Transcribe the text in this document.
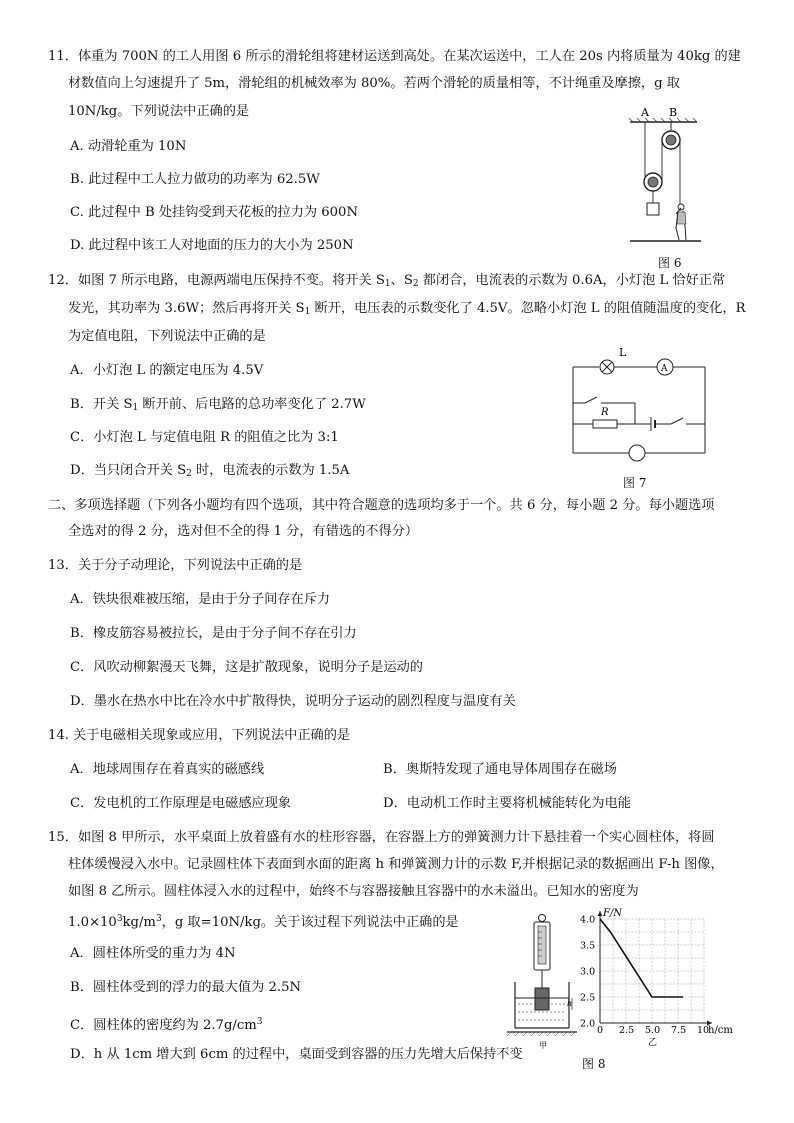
11．体重为 700N 的工人用图 6 所示的滑轮组将建材运送到高处。在某次运送中，工人在 20s 内将质量为 40kg 的建
材数值向上匀速提升了 5m，滑轮组的机械效率为 80%。若两个滑轮的质量相等，不计绳重及摩擦，g 取
10N/kg。下列说法中正确的是
A. 动滑轮重为 10N
B. 此过程中工人拉力做功的功率为 62.5W
C. 此过程中 B 处挂钩受到天花板的拉力为 600N
D. 此过程中该工人对地面的压力的大小为 250N
A B
图 6
12．如图 7 所示电路，电源两端电压保持不变。将开关 $S_1$、$S_2$ 都闭合，电流表的示数为 0.6A，小灯泡 L 恰好正常
发光，其功率为 3.6W；然后再将开关 $S_1$ 断开，电压表的示数变化了 4.5V。忽略小灯泡 L 的阻值随温度的变化，R
为定值电阻，下列说法中正确的是
A．小灯泡 L 的额定电压为 4.5V
B．开关 $S_1$ 断开前、后电路的总功率变化了 2.7W
C．小灯泡 L 与定值电阻 R 的阻值之比为 3:1
D．当只闭合开关 $S_2$ 时，电流表的示数为 1.5A
L
A
R
图 7
二、多项选择题（下列各小题均有四个选项，其中符合题意的选项均多于一个。共 6 分，每小题 2 分。每小题选项
全选对的得 2 分，选对但不全的得 1 分，有错选的不得分）
13．关于分子动理论，下列说法中正确的是
A．铁块很难被压缩，是由于分子间存在斥力
B．橡皮筋容易被拉长，是由于分子间不存在引力
C．风吹动柳絮漫天飞舞，这是扩散现象，说明分子是运动的
D．墨水在热水中比在冷水中扩散得快，说明分子运动的剧烈程度与温度有关
14. 关于电磁相关现象或应用，下列说法中正确的是
A．地球周围存在着真实的磁感线	B．奥斯特发现了通电导体周围存在磁场
C．发电机的工作原理是电磁感应现象	D．电动机工作时主要将机械能转化为电能
15．如图 8 甲所示，水平桌面上放着盛有水的柱形容器，在容器上方的弹簧测力计下悬挂着一个实心圆柱体，将圆
柱体缓慢浸入水中。记录圆柱体下表面到水面的距离 h 和弹簧测力计的示数 F,并根据记录的数据画出 F-h 图像，
如图 8 乙所示。圆柱体浸入水的过程中，始终不与容器接触且容器中的水未溢出。已知水的密度为
$1.0\times 10^3kg/m^3$，g 取=10N/kg。关于该过程下列说法中正确的是
A．圆柱体所受的重力为 4N
B．圆柱体受到的浮力的最大值为 2.5N
C．圆柱体的密度约为 $2.7g/cm^3$
D．h 从 1cm 增大到 6cm 的过程中，桌面受到容器的压力先增大后保持不变
h
甲
2.0
2.5
3.0
3.5
4.0
0 2.5 5.0 7.5 10
F/N
h/cm
乙
图 8
